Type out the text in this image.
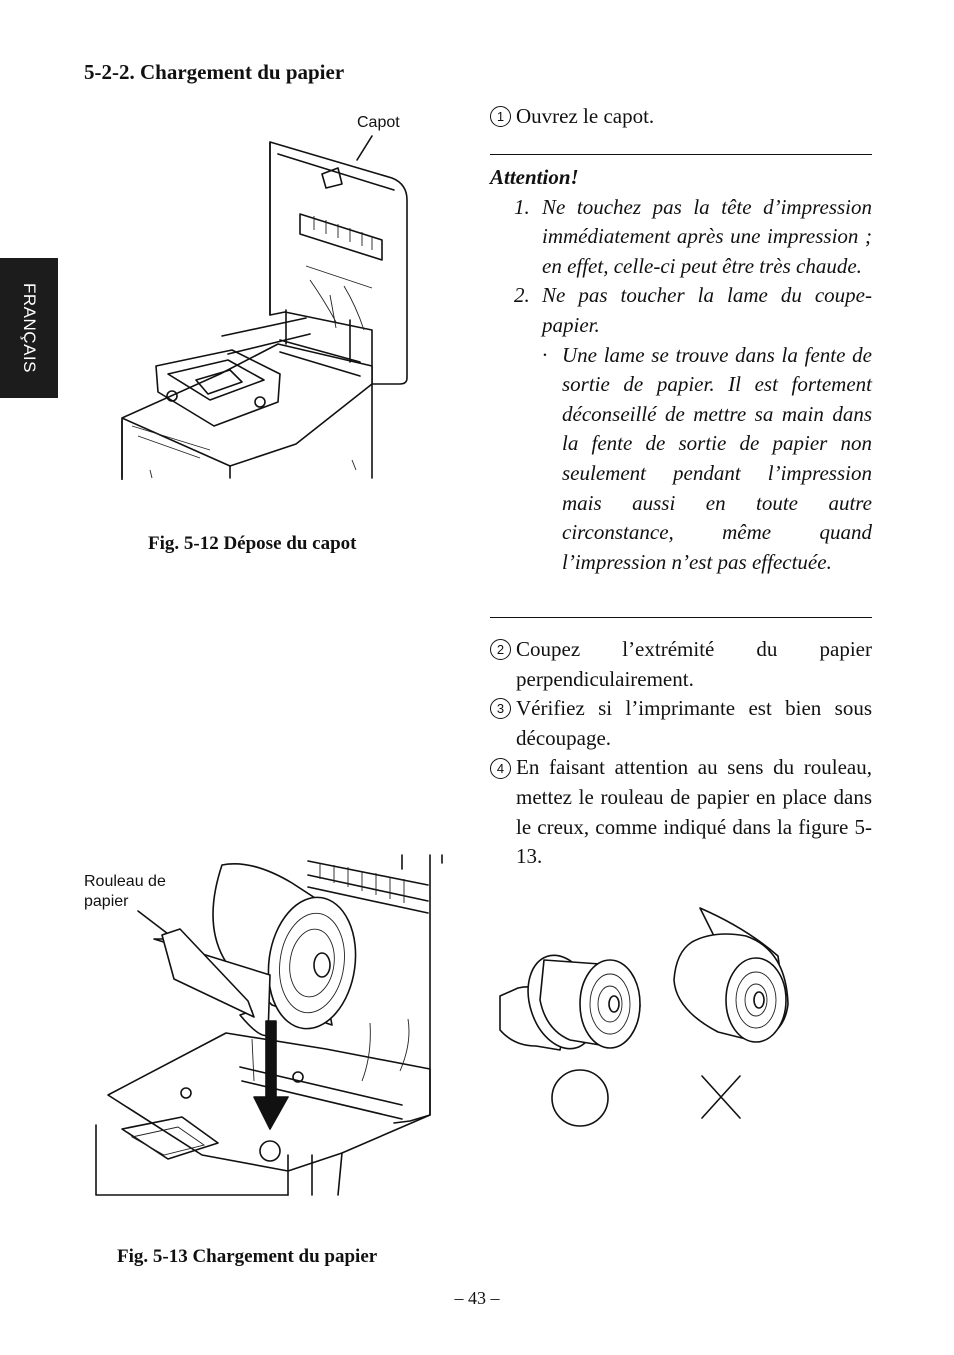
5-2-2. Chargement du papier
FRANÇAIS
Capot
Fig. 5-12 Dépose du capot
1 Ouvrez le capot.
Attention!
1. Ne touchez pas la tête d’impression immédiatement après une impression ; en effet, celle-ci peut être très chaude.
2. Ne pas toucher la lame du coupe-papier.
· Une lame se trouve dans la fente de sortie de papier. Il est fortement déconseillé de mettre sa main dans la fente de sortie de papier non seulement pendant l’impression mais aussi en toute autre circonstance, même quand l’impression n’est pas effectuée.
2 Coupez l’extrémité du papier perpendiculairement.
3 Vérifiez si l’imprimante est bien sous découpage.
4 En faisant attention au sens du rouleau, mettez le rouleau de papier en place dans le creux, comme indiqué dans la figure 5-13.
Rouleau de
papier
Fig. 5-13 Chargement du papier
– 43 –
